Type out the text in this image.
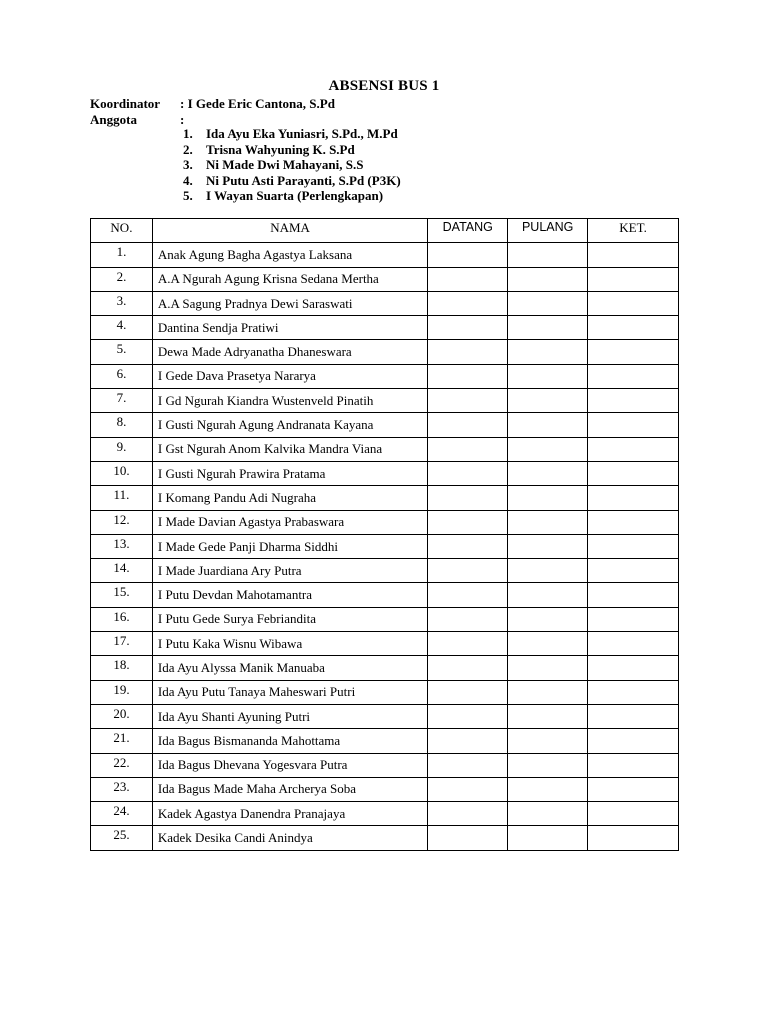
ABSENSI BUS 1
Koordinator	: I Gede Eric Cantona, S.Pd
Anggota	:
1.	Ida Ayu Eka Yuniasri, S.Pd., M.Pd
2.	Trisna Wahyuning K. S.Pd
3.	Ni Made Dwi Mahayani, S.S
4.	Ni Putu Asti Parayanti, S.Pd (P3K)
5.	I Wayan Suarta (Perlengkapan)
NO.	NAMA	DATANG	PULANG	KET.
1.	Anak Agung Bagha Agastya Laksana			
2.	A.A Ngurah Agung Krisna Sedana Mertha			
3.	A.A Sagung Pradnya Dewi Saraswati			
4.	Dantina Sendja Pratiwi			
5.	Dewa Made Adryanatha Dhaneswara			
6.	I Gede Dava Prasetya Nararya			
7.	I Gd Ngurah Kiandra Wustenveld Pinatih			
8.	I Gusti Ngurah Agung Andranata Kayana			
9.	I Gst Ngurah Anom Kalvika Mandra Viana			
10.	I Gusti Ngurah Prawira Pratama			
11.	I Komang Pandu Adi Nugraha			
12.	I Made Davian Agastya Prabaswara			
13.	I Made Gede Panji Dharma Siddhi			
14.	I Made Juardiana Ary Putra			
15.	I Putu Devdan Mahotamantra			
16.	I Putu Gede Surya Febriandita			
17.	I Putu Kaka Wisnu Wibawa			
18.	Ida Ayu Alyssa Manik Manuaba			
19.	Ida Ayu Putu Tanaya Maheswari Putri			
20.	Ida Ayu Shanti Ayuning Putri			
21.	Ida Bagus Bismananda Mahottama			
22.	Ida Bagus Dhevana Yogesvara Putra			
23.	Ida Bagus Made Maha Archerya Soba			
24.	Kadek Agastya Danendra Pranajaya			
25.	Kadek Desika Candi Anindya			
